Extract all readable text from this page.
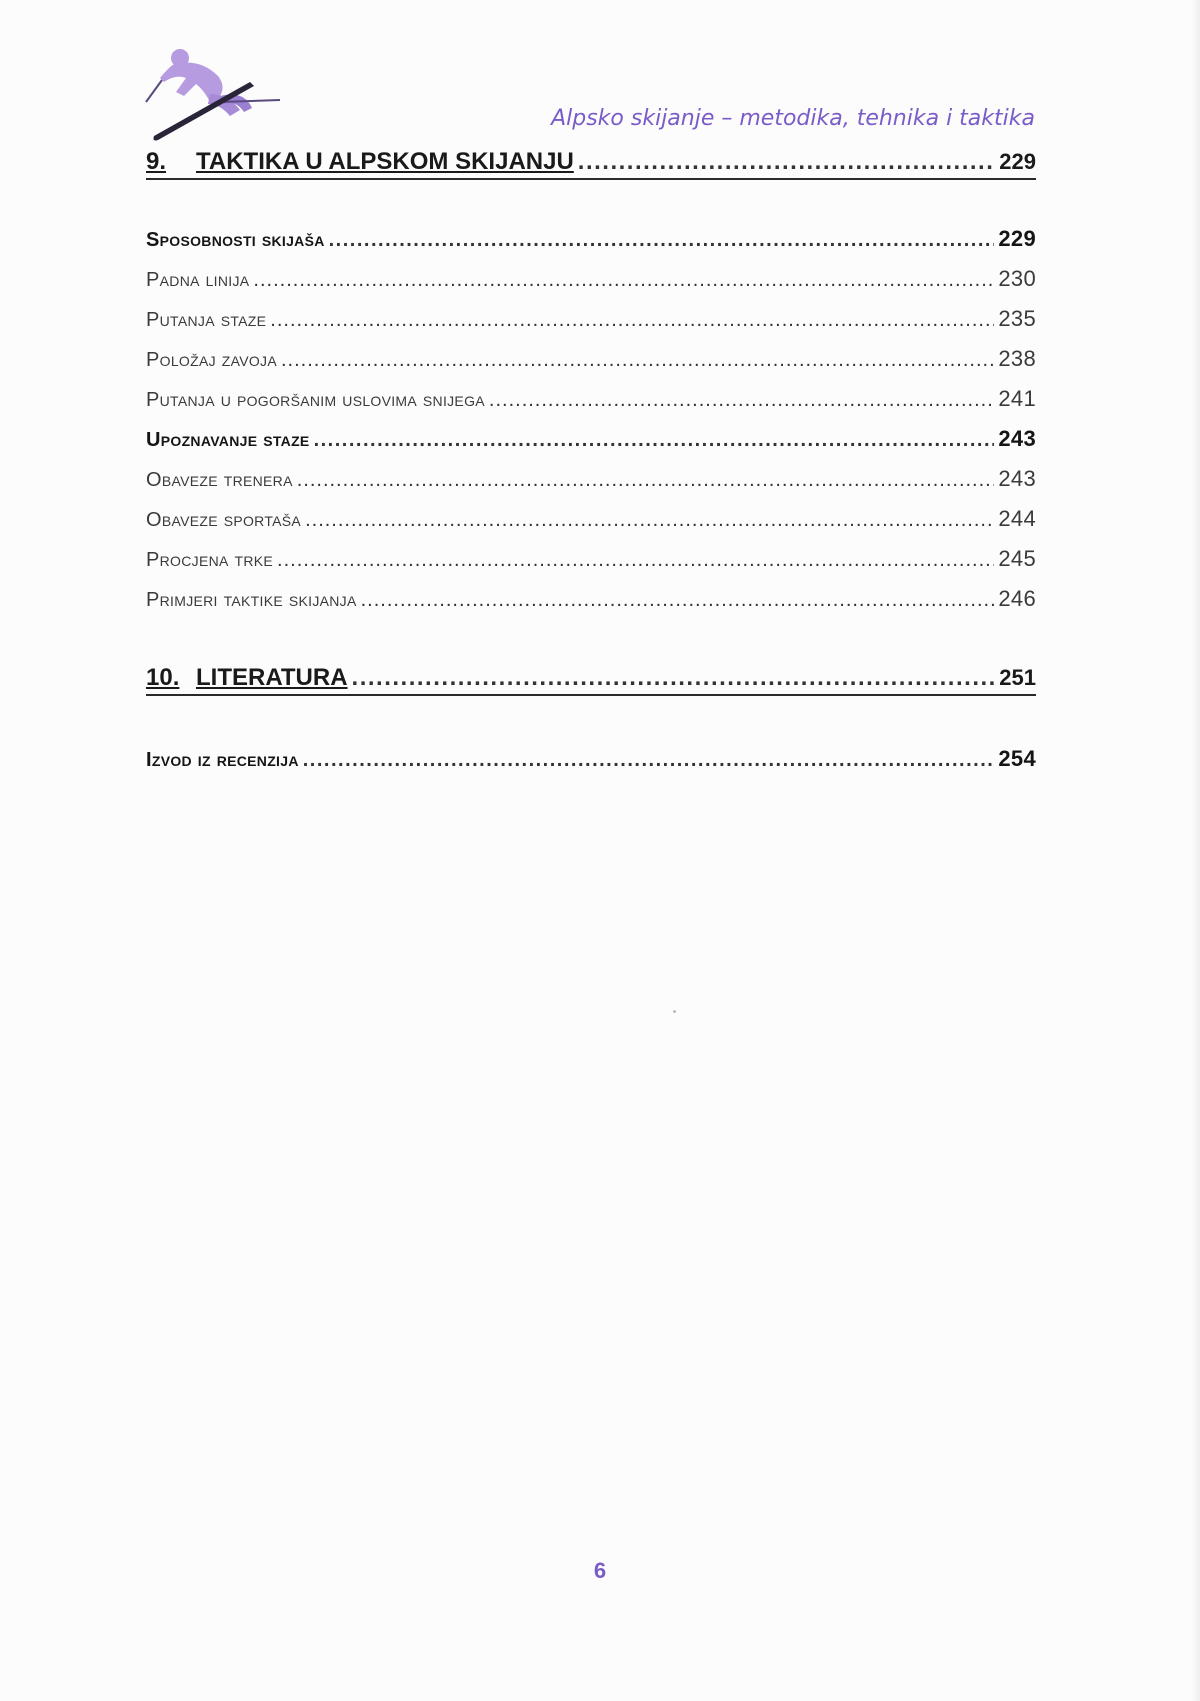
Alpsko skijanje – metodika, tehnika i taktika
9.	TAKTIKA U ALPSKOM SKIJANJU .....	229
Sposobnosti skijaša .....	229
Padna linija .....	230
Putanja staze .....	235
Položaj zavoja .....	238
Putanja u pogoršanim uslovima snijega .....	241
Upoznavanje staze .....	243
Obaveze trenera .....	243
Obaveze sportaša .....	244
Procjena trke .....	245
Primjeri taktike skijanja .....	246
10. LITERATURA .....	251
Izvod iz recenzija .....	254
6
